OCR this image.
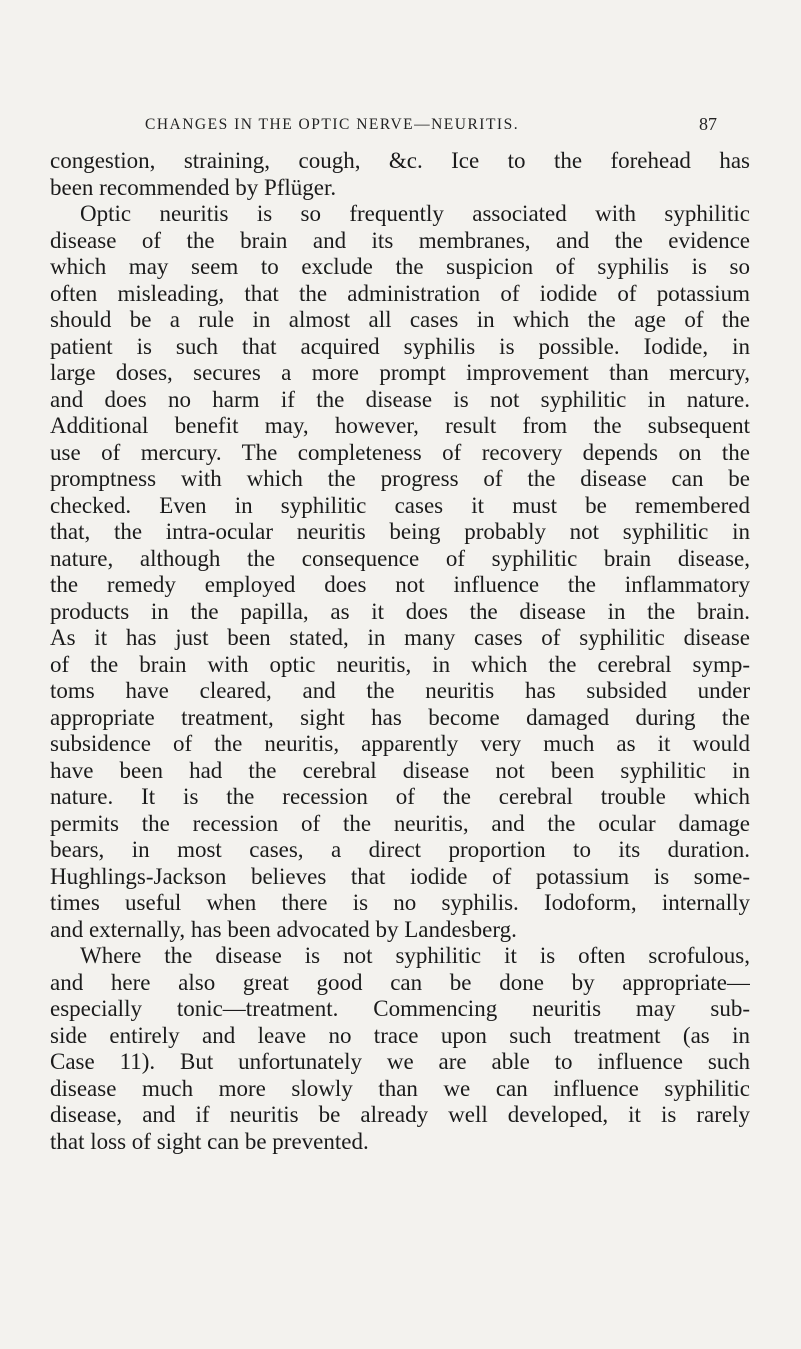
CHANGES IN THE OPTIC NERVE—NEURITIS.	87
congestion, straining, cough, &c. Ice to the forehead has
been recommended by Pflüger.
Optic neuritis is so frequently associated with syphilitic
disease of the brain and its membranes, and the evidence
which may seem to exclude the suspicion of syphilis is so
often misleading, that the administration of iodide of potassium
should be a rule in almost all cases in which the age of the
patient is such that acquired syphilis is possible. Iodide, in
large doses, secures a more prompt improvement than mercury,
and does no harm if the disease is not syphilitic in nature.
Additional benefit may, however, result from the subsequent
use of mercury. The completeness of recovery depends on the
promptness with which the progress of the disease can be
checked. Even in syphilitic cases it must be remembered
that, the intra-ocular neuritis being probably not syphilitic in
nature, although the consequence of syphilitic brain disease,
the remedy employed does not influence the inflammatory
products in the papilla, as it does the disease in the brain.
As it has just been stated, in many cases of syphilitic disease
of the brain with optic neuritis, in which the cerebral symp-
toms have cleared, and the neuritis has subsided under
appropriate treatment, sight has become damaged during the
subsidence of the neuritis, apparently very much as it would
have been had the cerebral disease not been syphilitic in
nature. It is the recession of the cerebral trouble which
permits the recession of the neuritis, and the ocular damage
bears, in most cases, a direct proportion to its duration.
Hughlings-Jackson believes that iodide of potassium is some-
times useful when there is no syphilis. Iodoform, internally
and externally, has been advocated by Landesberg.
Where the disease is not syphilitic it is often scrofulous,
and here also great good can be done by appropriate—
especially tonic—treatment. Commencing neuritis may sub-
side entirely and leave no trace upon such treatment (as in
Case 11). But unfortunately we are able to influence such
disease much more slowly than we can influence syphilitic
disease, and if neuritis be already well developed, it is rarely
that loss of sight can be prevented.
